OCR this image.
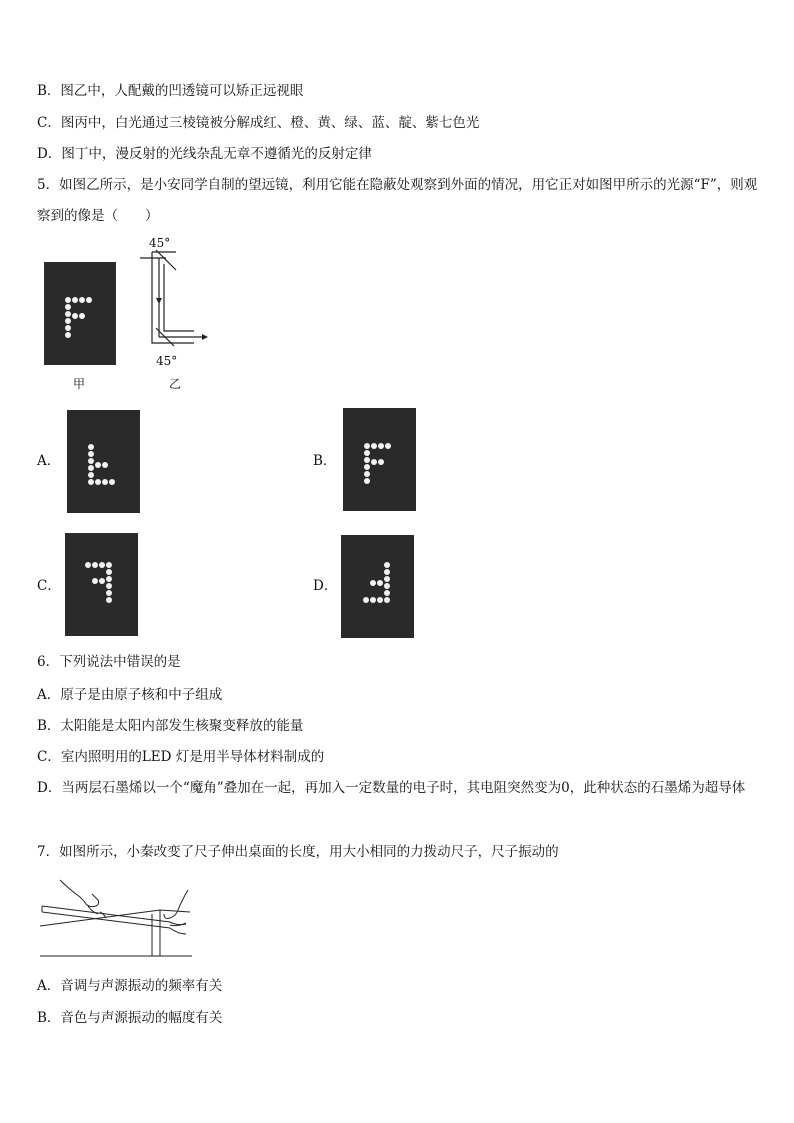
B．图乙中，人配戴的凹透镜可以矫正远视眼
C．图丙中，白光通过三棱镜被分解成红、橙、黄、绿、蓝、靛、紫七色光
D．图丁中，漫反射的光线杂乱无章不遵循光的反射定律
5．如图乙所示，是小安同学自制的望远镜，利用它能在隐蔽处观察到外面的情况，用它正对如图甲所示的光源“F”，则观察到的像是（　　）
甲
45°
45°
乙
A．	B．
C．	D．
6．下列说法中错误的是
A．原子是由原子核和中子组成
B．太阳能是太阳内部发生核聚变释放的能量
C．室内照明用的LED 灯是用半导体材料制成的
D．当两层石墨烯以一个“魔角”叠加在一起，再加入一定数量的电子时，其电阻突然变为0，此种状态的石墨烯为超导体
7．如图所示，小秦改变了尺子伸出桌面的长度，用大小相同的力拨动尺子，尺子振动的
A．音调与声源振动的频率有关
B．音色与声源振动的幅度有关
